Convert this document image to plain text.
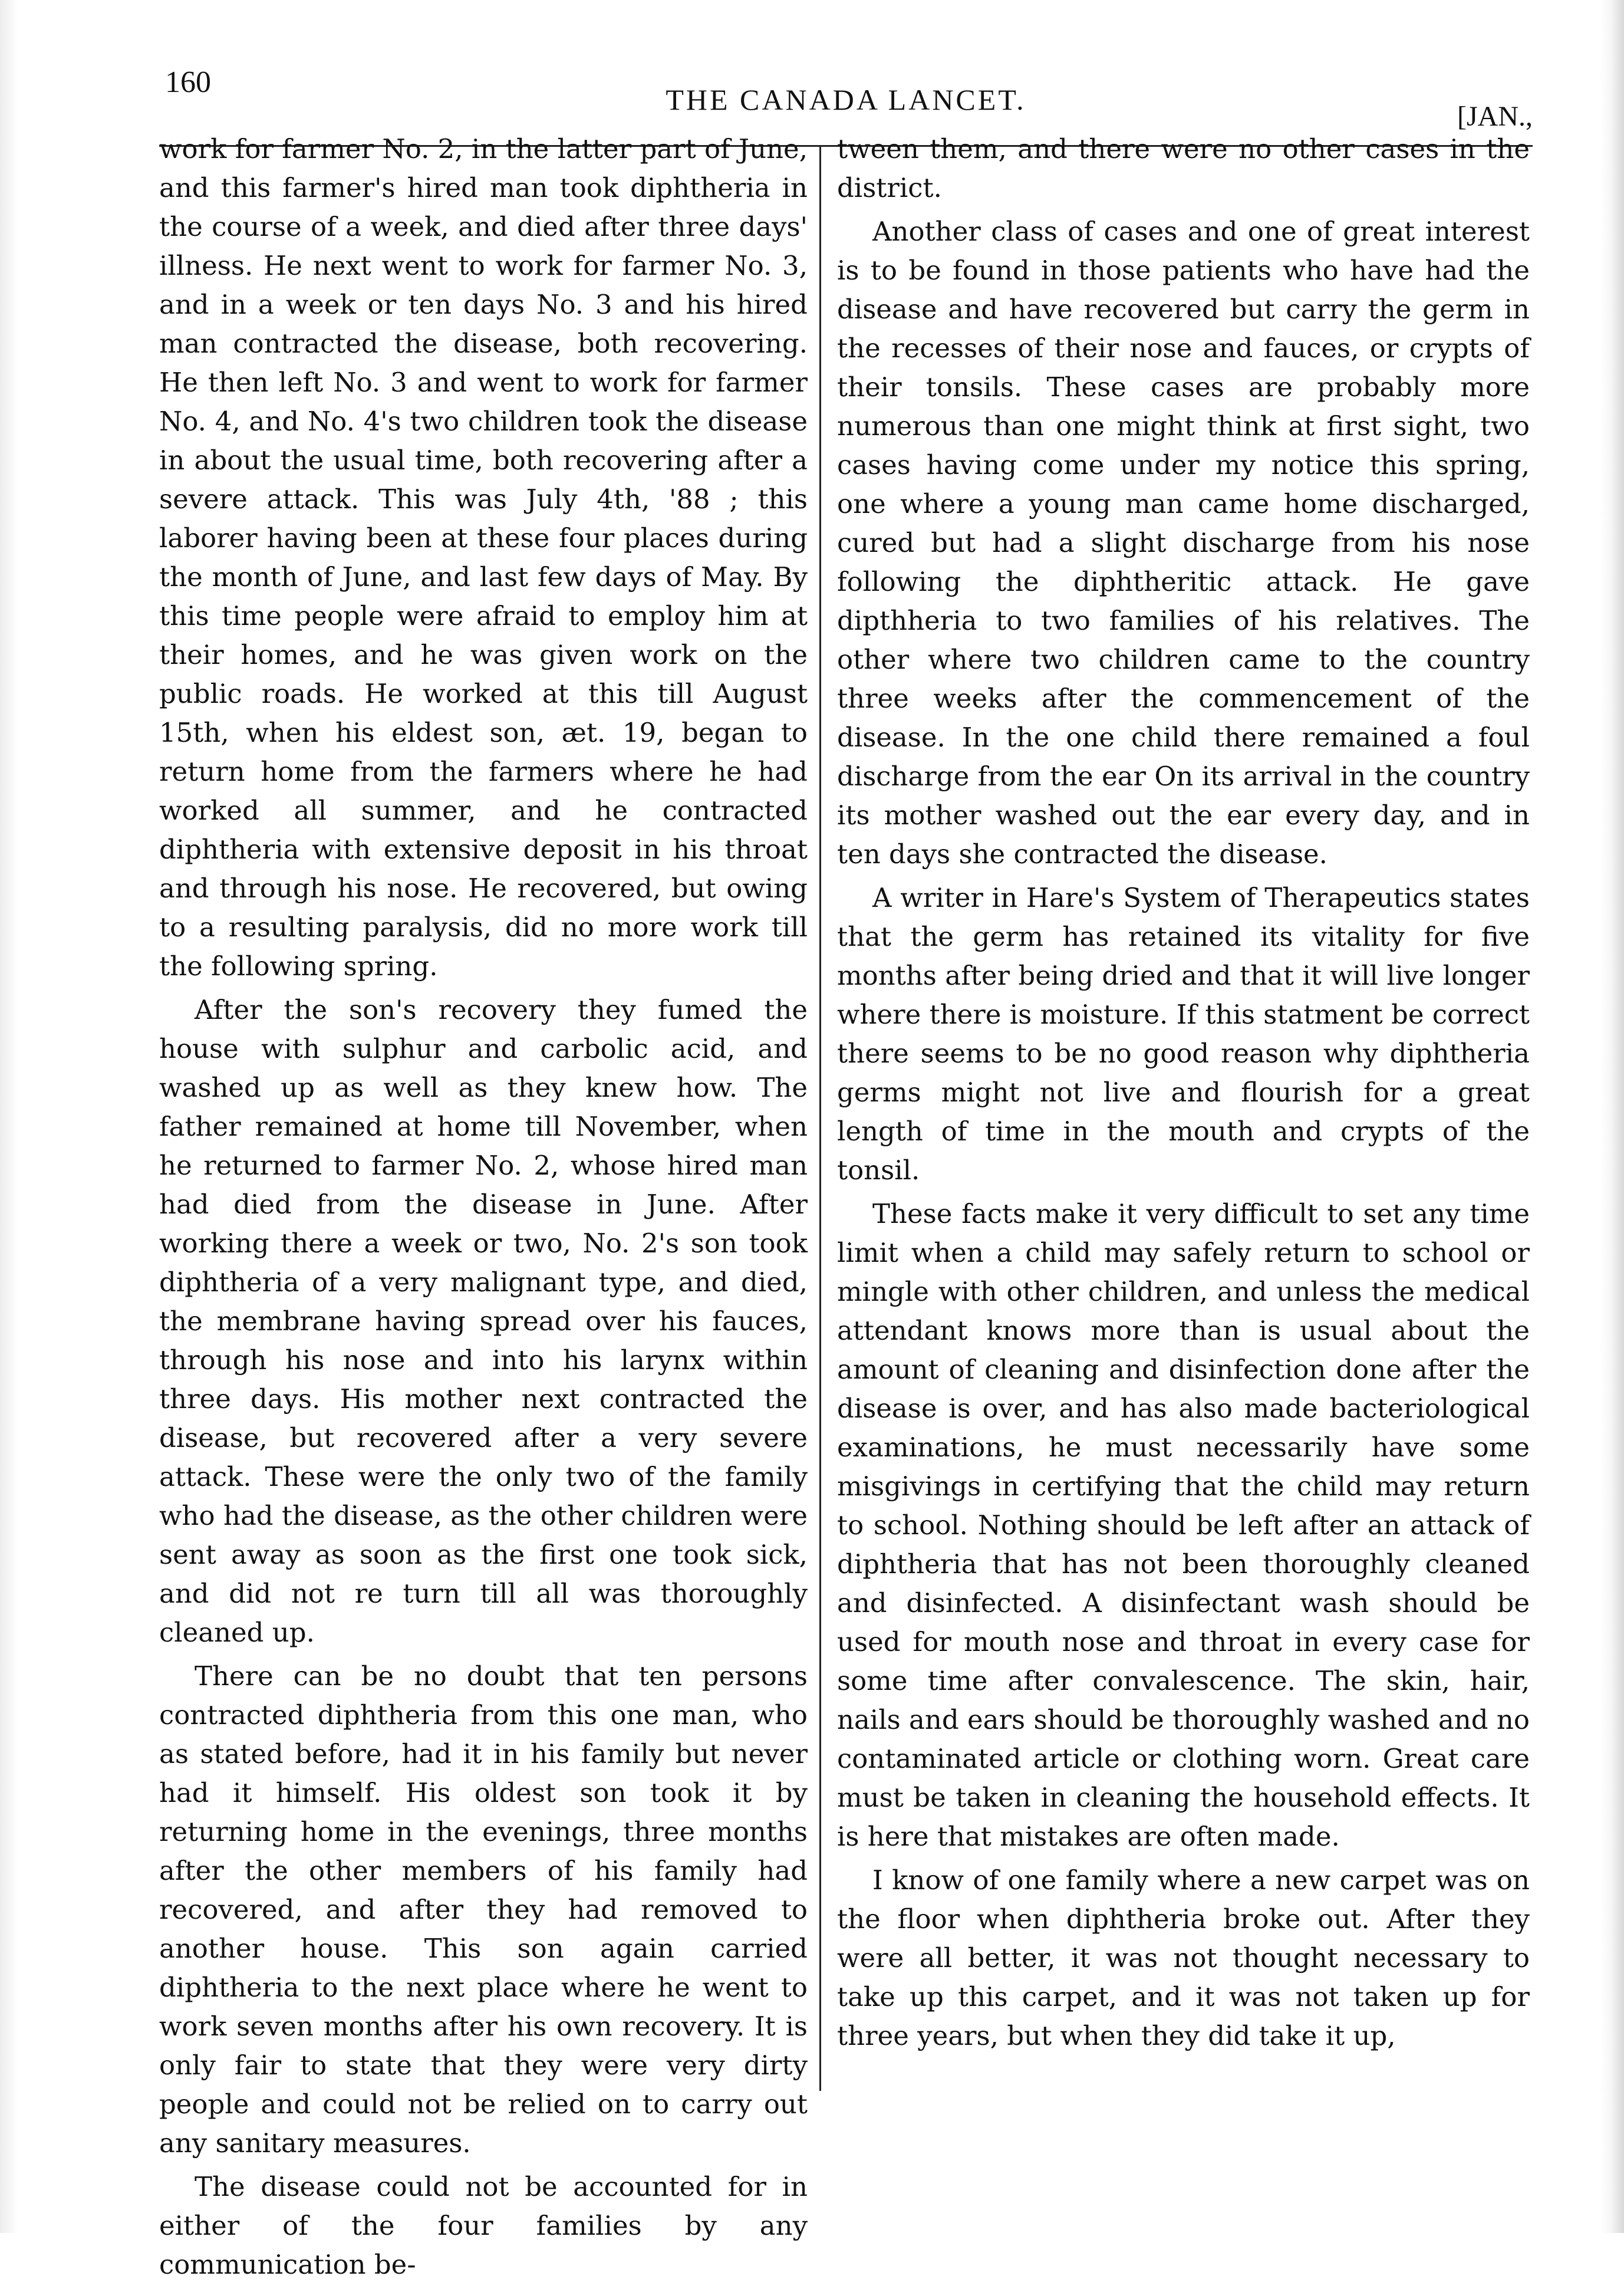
160
THE CANADA LANCET.
[JAN.,

work for farmer No. 2, in the latter part of June, and this farmer's hired man took diphtheria in the course of a week, and died after three days' illness. He next went to work for farmer No. 3, and in a week or ten days No. 3 and his hired man contracted the disease, both recovering. He then left No. 3 and went to work for farmer No. 4, and No. 4's two children took the disease in about the usual time, both recovering after a severe attack. This was July 4th, '88 ; this laborer having been at these four places during the month of June, and last few days of May. By this time people were afraid to employ him at their homes, and he was given work on the public roads. He worked at this till August 15th, when his eldest son, æt. 19, began to return home from the farmers where he had worked all summer, and he contracted diphtheria with extensive deposit in his throat and through his nose. He recovered, but owing to a resulting paralysis, did no more work till the following spring.

After the son's recovery they fumed the house with sulphur and carbolic acid, and washed up as well as they knew how. The father remained at home till November, when he returned to farmer No. 2, whose hired man had died from the disease in June. After working there a week or two, No. 2's son took diphtheria of a very malignant type, and died, the membrane having spread over his fauces, through his nose and into his larynx within three days. His mother next contracted the disease, but recovered after a very severe attack. These were the only two of the family who had the disease, as the other children were sent away as soon as the first one took sick, and did not re turn till all was thoroughly cleaned up.

There can be no doubt that ten persons contracted diphtheria from this one man, who as stated before, had it in his family but never had it himself. His oldest son took it by returning home in the evenings, three months after the other members of his family had recovered, and after they had removed to another house. This son again carried diphtheria to the next place where he went to work seven months after his own recovery. It is only fair to state that they were very dirty people and could not be relied on to carry out any sanitary measures.

The disease could not be accounted for in either of the four families by any communication be-

tween them, and there were no other cases in the district.

Another class of cases and one of great interest is to be found in those patients who have had the disease and have recovered but carry the germ in the recesses of their nose and fauces, or crypts of their tonsils. These cases are probably more numerous than one might think at first sight, two cases having come under my notice this spring, one where a young man came home discharged, cured but had a slight discharge from his nose following the diphtheritic attack. He gave dipthheria to two families of his relatives. The other where two children came to the country three weeks after the commencement of the disease. In the one child there remained a foul discharge from the ear On its arrival in the country its mother washed out the ear every day, and in ten days she contracted the disease.

A writer in Hare's System of Therapeutics states that the germ has retained its vitality for five months after being dried and that it will live longer where there is moisture. If this statment be correct there seems to be no good reason why diphtheria germs might not live and flourish for a great length of time in the mouth and crypts of the tonsil.

These facts make it very difficult to set any time limit when a child may safely return to school or mingle with other children, and unless the medical attendant knows more than is usual about the amount of cleaning and disinfection done after the disease is over, and has also made bacteriological examinations, he must necessarily have some misgivings in certifying that the child may return to school. Nothing should be left after an attack of diphtheria that has not been thoroughly cleaned and disinfected. A disinfectant wash should be used for mouth nose and throat in every case for some time after convalescence. The skin, hair, nails and ears should be thoroughly washed and no contaminated article or clothing worn. Great care must be taken in cleaning the household effects. It is here that mistakes are often made.

I know of one family where a new carpet was on the floor when diphtheria broke out. After they were all better, it was not thought necessary to take up this carpet, and it was not taken up for three years, but when they did take it up,
